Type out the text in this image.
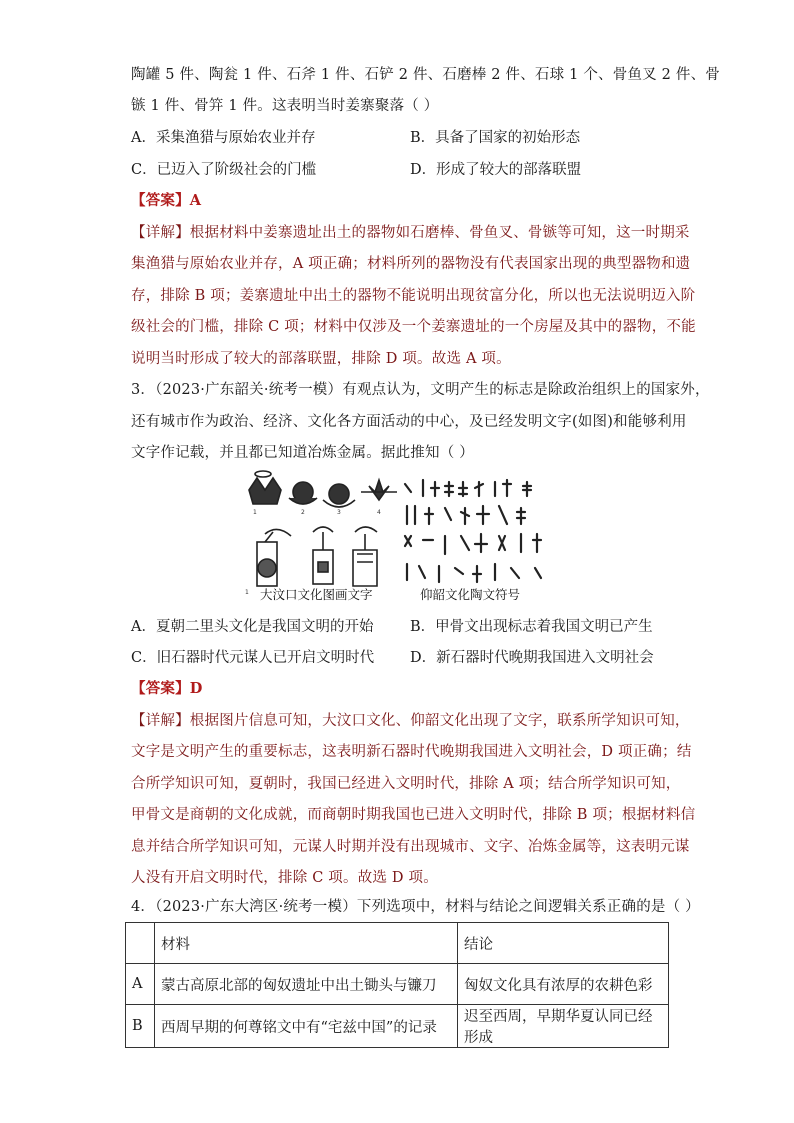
陶罐 5 件、陶瓮 1 件、石斧 1 件、石铲 2 件、石磨棒 2 件、石球 1 个、骨鱼叉 2 件、骨
镞 1 件、骨笄 1 件。这表明当时姜寨聚落（ ）
A．采集渔猎与原始农业并存	B．具备了国家的初始形态
C．已迈入了阶级社会的门槛	D．形成了较大的部落联盟
【答案】A
【详解】根据材料中姜寨遗址出土的器物如石磨棒、骨鱼叉、骨镞等可知，这一时期采
集渔猎与原始农业并存，A 项正确；材料所列的器物没有代表国家出现的典型器物和遗
存，排除 B 项；姜寨遗址中出土的器物不能说明出现贫富分化，所以也无法说明迈入阶
级社会的门槛，排除 C 项；材料中仅涉及一个姜寨遗址的一个房屋及其中的器物，不能
说明当时形成了较大的部落联盟，排除 D 项。故选 A 项。
3．（2023·广东韶关·统考一模）有观点认为，文明产生的标志是除政治组织上的国家外，
还有城市作为政治、经济、文化各方面活动的中心，及已经发明文字(如图)和能够利用
文字作记载，并且都已知道冶炼金属。据此推知（ ）
1	2	3	4
1 大汶口文化图画文字	仰韶文化陶文符号
A．夏朝二里头文化是我国文明的开始	B．甲骨文出现标志着我国文明已产生
C．旧石器时代元谋人已开启文明时代 D．新石器时代晚期我国进入文明社会
【答案】D
【详解】根据图片信息可知，大汶口文化、仰韶文化出现了文字，联系所学知识可知，
文字是文明产生的重要标志，这表明新石器时代晚期我国进入文明社会，D 项正确；结
合所学知识可知，夏朝时，我国已经进入文明时代，排除 A 项；结合所学知识可知，
甲骨文是商朝的文化成就，而商朝时期我国也已进入文明时代，排除 B 项；根据材料信
息并结合所学知识可知，元谋人时期并没有出现城市、文字、冶炼金属等，这表明元谋
人没有开启文明时代，排除 C 项。故选 D 项。
4．（2023·广东大湾区·统考一模）下列选项中，材料与结论之间逻辑关系正确的是（ ）
	材料	结论
A	蒙古高原北部的匈奴遗址中出土锄头与镰刀	匈奴文化具有浓厚的农耕色彩
B	西周早期的何尊铭文中有“宅兹中国”的记录	迟至西周，早期华夏认同已经形成
